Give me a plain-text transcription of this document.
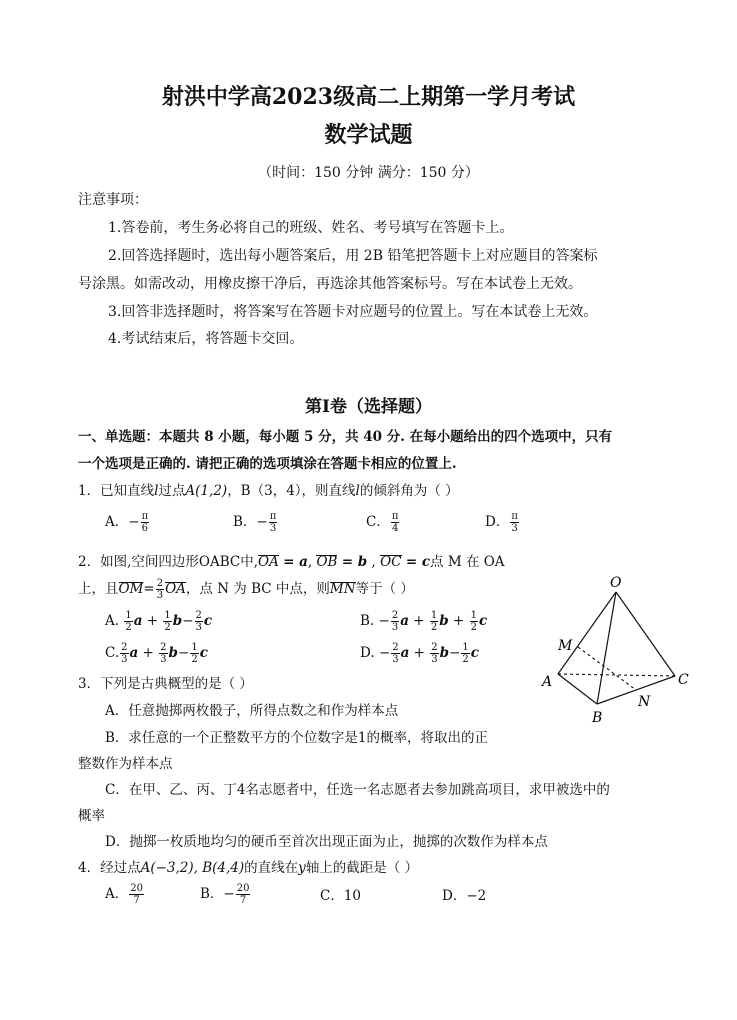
射洪中学高2023级高二上期第一学月考试
数学试题
（时间：150 分钟 满分：150 分）
注意事项：
1.答卷前，考生务必将自己的班级、姓名、考号填写在答题卡上。
2.回答选择题时，选出每小题答案后，用 2B 铅笔把答题卡上对应题目的答案标
号涂黑。如需改动，用橡皮擦干净后，再选涂其他答案标号。写在本试卷上无效。
3.回答非选择题时，将答案写在答题卡对应题号的位置上。写在本试卷上无效。
4.考试结束后，将答题卡交回。
第Ⅰ卷（选择题）
一、单选题：本题共 8 小题，每小题 5 分，共 40 分. 在每小题给出的四个选项中，只有
一个选项是正确的. 请把正确的选项填涂在答题卡相应的位置上.
1．已知直线l过点A(1,2)，B（3，4），则直线l的倾斜角为（ ）
A．− $\frac{\pi}{6}$	B．− $\frac{\pi}{3}$	C． $\frac{\pi}{4}$	D． $\frac{\pi}{3}$
2．如图,空间四边形OABC中,OA = a, OB = b , OC = c点 M 在 OA
上，且$OM= \frac{2}{3}$ OA，点 N 为 BC 中点，则MN等于（ ）
A. $\frac{1}{2}$ $a + \frac{1}{2} b- \frac{2}{3}$ c	B. − $\frac{2}{3}$ $a + \frac{1}{2}$ $b + \frac{1}{2}$ c
C. $\frac{2}{3}$ $a + \frac{2}{3} b- \frac{1}{2}$ c	D. − $\frac{2}{3}$ $a + \frac{2}{3} b- \frac{1}{2}$ c
O
M
A
B
C
N
3．下列是古典概型的是（ ）
A．任意抛掷两枚骰子，所得点数之和作为样本点
B．求任意的一个正整数平方的个位数字是1的概率，将取出的正
整数作为样本点
C．在甲、乙、丙、丁4名志愿者中，任选一名志愿者去参加跳高项目，求甲被选中的
概率
D．抛掷一枚质地均匀的硬币至首次出现正面为止，抛掷的次数作为样本点
4．经过点A(−3,2), B(4,4)的直线在y轴上的截距是（ ）
A． $\frac{20}{7}$	B．− $\frac{20}{7}$	C．10	D．−2
